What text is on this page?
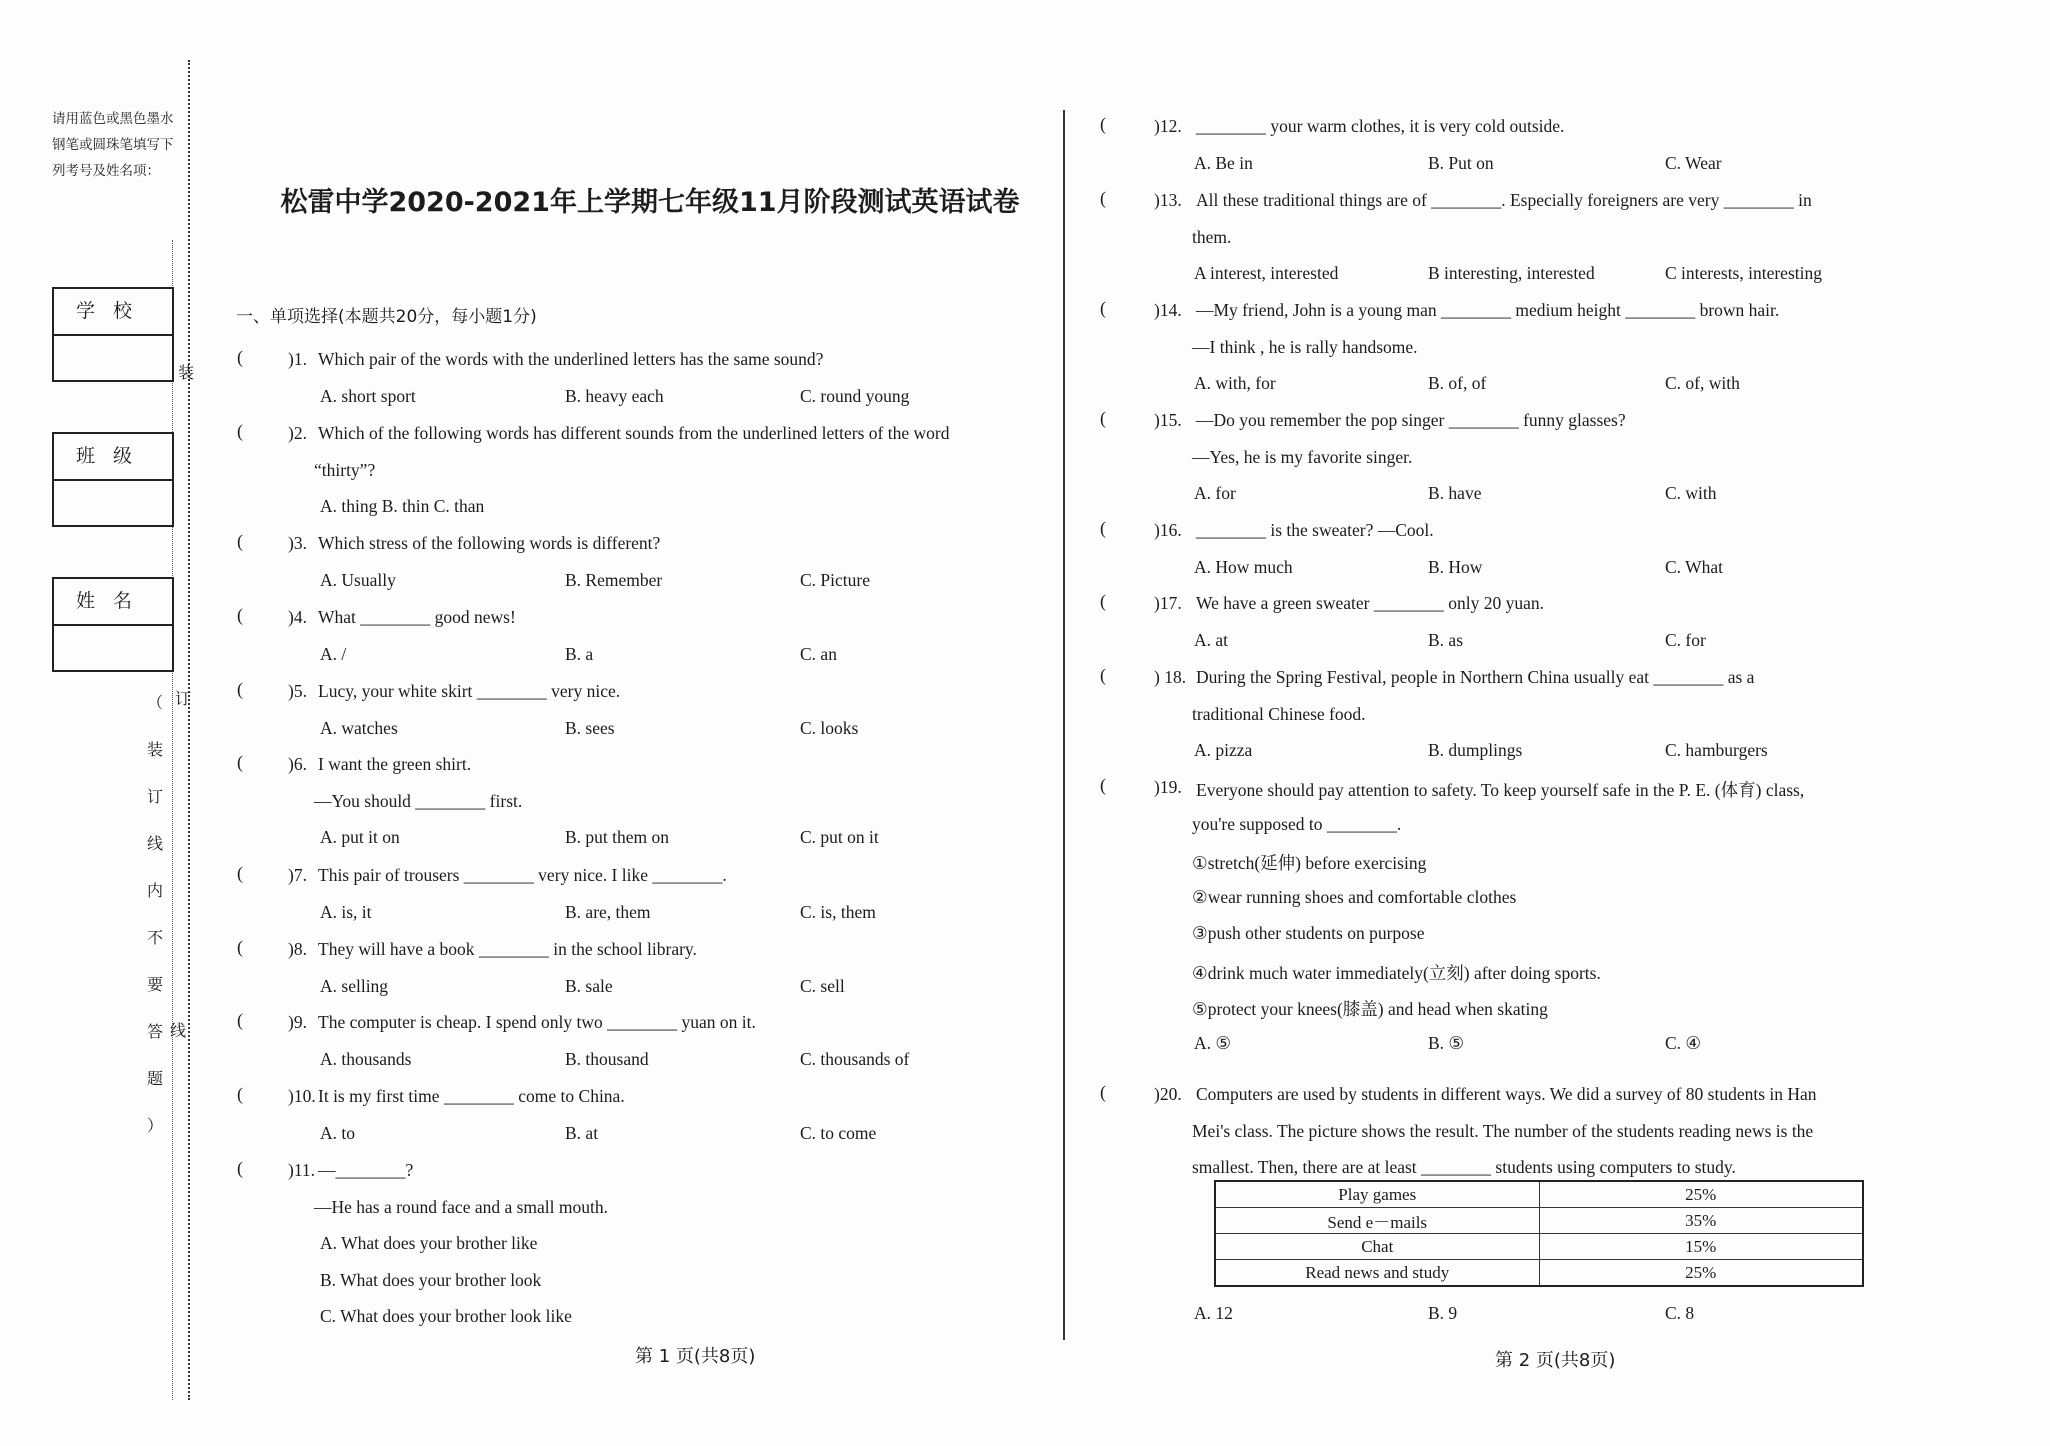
请用蓝色或黑色墨水钢笔或圆珠笔填写下列考号及姓名项：
学校
班级
姓名
装
订
线
（
装
订
线
内
不
要
答
题
）
松雷中学2020-2021年上学期七年级11月阶段测试英语试卷
一、单项选择(本题共20分，每小题1分)
(	)1. Which pair of the words with the underlined letters has the same sound?
A. short sport	B. heavy each	C. round young
(	)2. Which of the following words has different sounds from the underlined letters of the word
“thirty”?
A. thing B. thin C. than
(	)3. Which stress of the following words is different?
A. Usually	B. Remember	C. Picture
(	)4. What ________ good news!
A. /	B. a	C. an
(	)5. Lucy, your white skirt ________ very nice.
A. watches	B. sees	C. looks
(	)6. I want the green shirt.
—You should ________ first.
A. put it on	B. put them on	C. put on it
(	)7. This pair of trousers ________ very nice. I like ________.
A. is, it	B. are, them	C. is, them
(	)8. They will have a book ________ in the school library.
A. selling	B. sale	C. sell
(	)9. The computer is cheap. I spend only two ________ yuan on it.
A. thousands	B. thousand	C. thousands of
(	)10. It is my first time ________ come to China.
A. to	B. at	C. to come
(	)11. —________?
—He has a round face and a small mouth.
A. What does your brother like
B. What does your brother look
C. What does your brother look like
(	)12. ________ your warm clothes, it is very cold outside.
A. Be in	B. Put on	C. Wear
(	)13. All these traditional things are of ________. Especially foreigners are very ________ in
them.
A interest, interested	B interesting, interested	C interests, interesting
(	)14. —My friend, John is a young man ________ medium height ________ brown hair.
—I think , he is rally handsome.
A. with, for	B. of, of	C. of, with
(	)15. —Do you remember the pop singer ________ funny glasses?
—Yes, he is my favorite singer.
A. for	B. have	C. with
(	)16. ________ is the sweater? —Cool.
A. How much	B. How	C. What
(	)17. We have a green sweater ________ only 20 yuan.
A. at	B. as	C. for
(	) 18. During the Spring Festival, people in Northern China usually eat ________ as a
traditional Chinese food.
A. pizza	B. dumplings	C. hamburgers
(	)19. Everyone should pay attention to safety. To keep yourself safe in the P. E. (体育) class,
you're supposed to ________.
①stretch(延伸) before exercising
②wear running shoes and comfortable clothes
③push other students on purpose
④drink much water immediately(立刻) after doing sports.
⑤protect your knees(膝盖) and head when skating
A. ⑤	B. ⑤	C. ④
(	)20. Computers are used by students in different ways. We did a survey of 80 students in Han
Mei's class. The picture shows the result. The number of the students reading news is the
smallest. Then, there are at least ________ students using computers to study.
A. 12	B. 9	C. 8
Play games	25%
Send e－mails	35%
Chat	15%
Read news and study	25%
第 1 页(共8页)	第 2 页(共8页)
